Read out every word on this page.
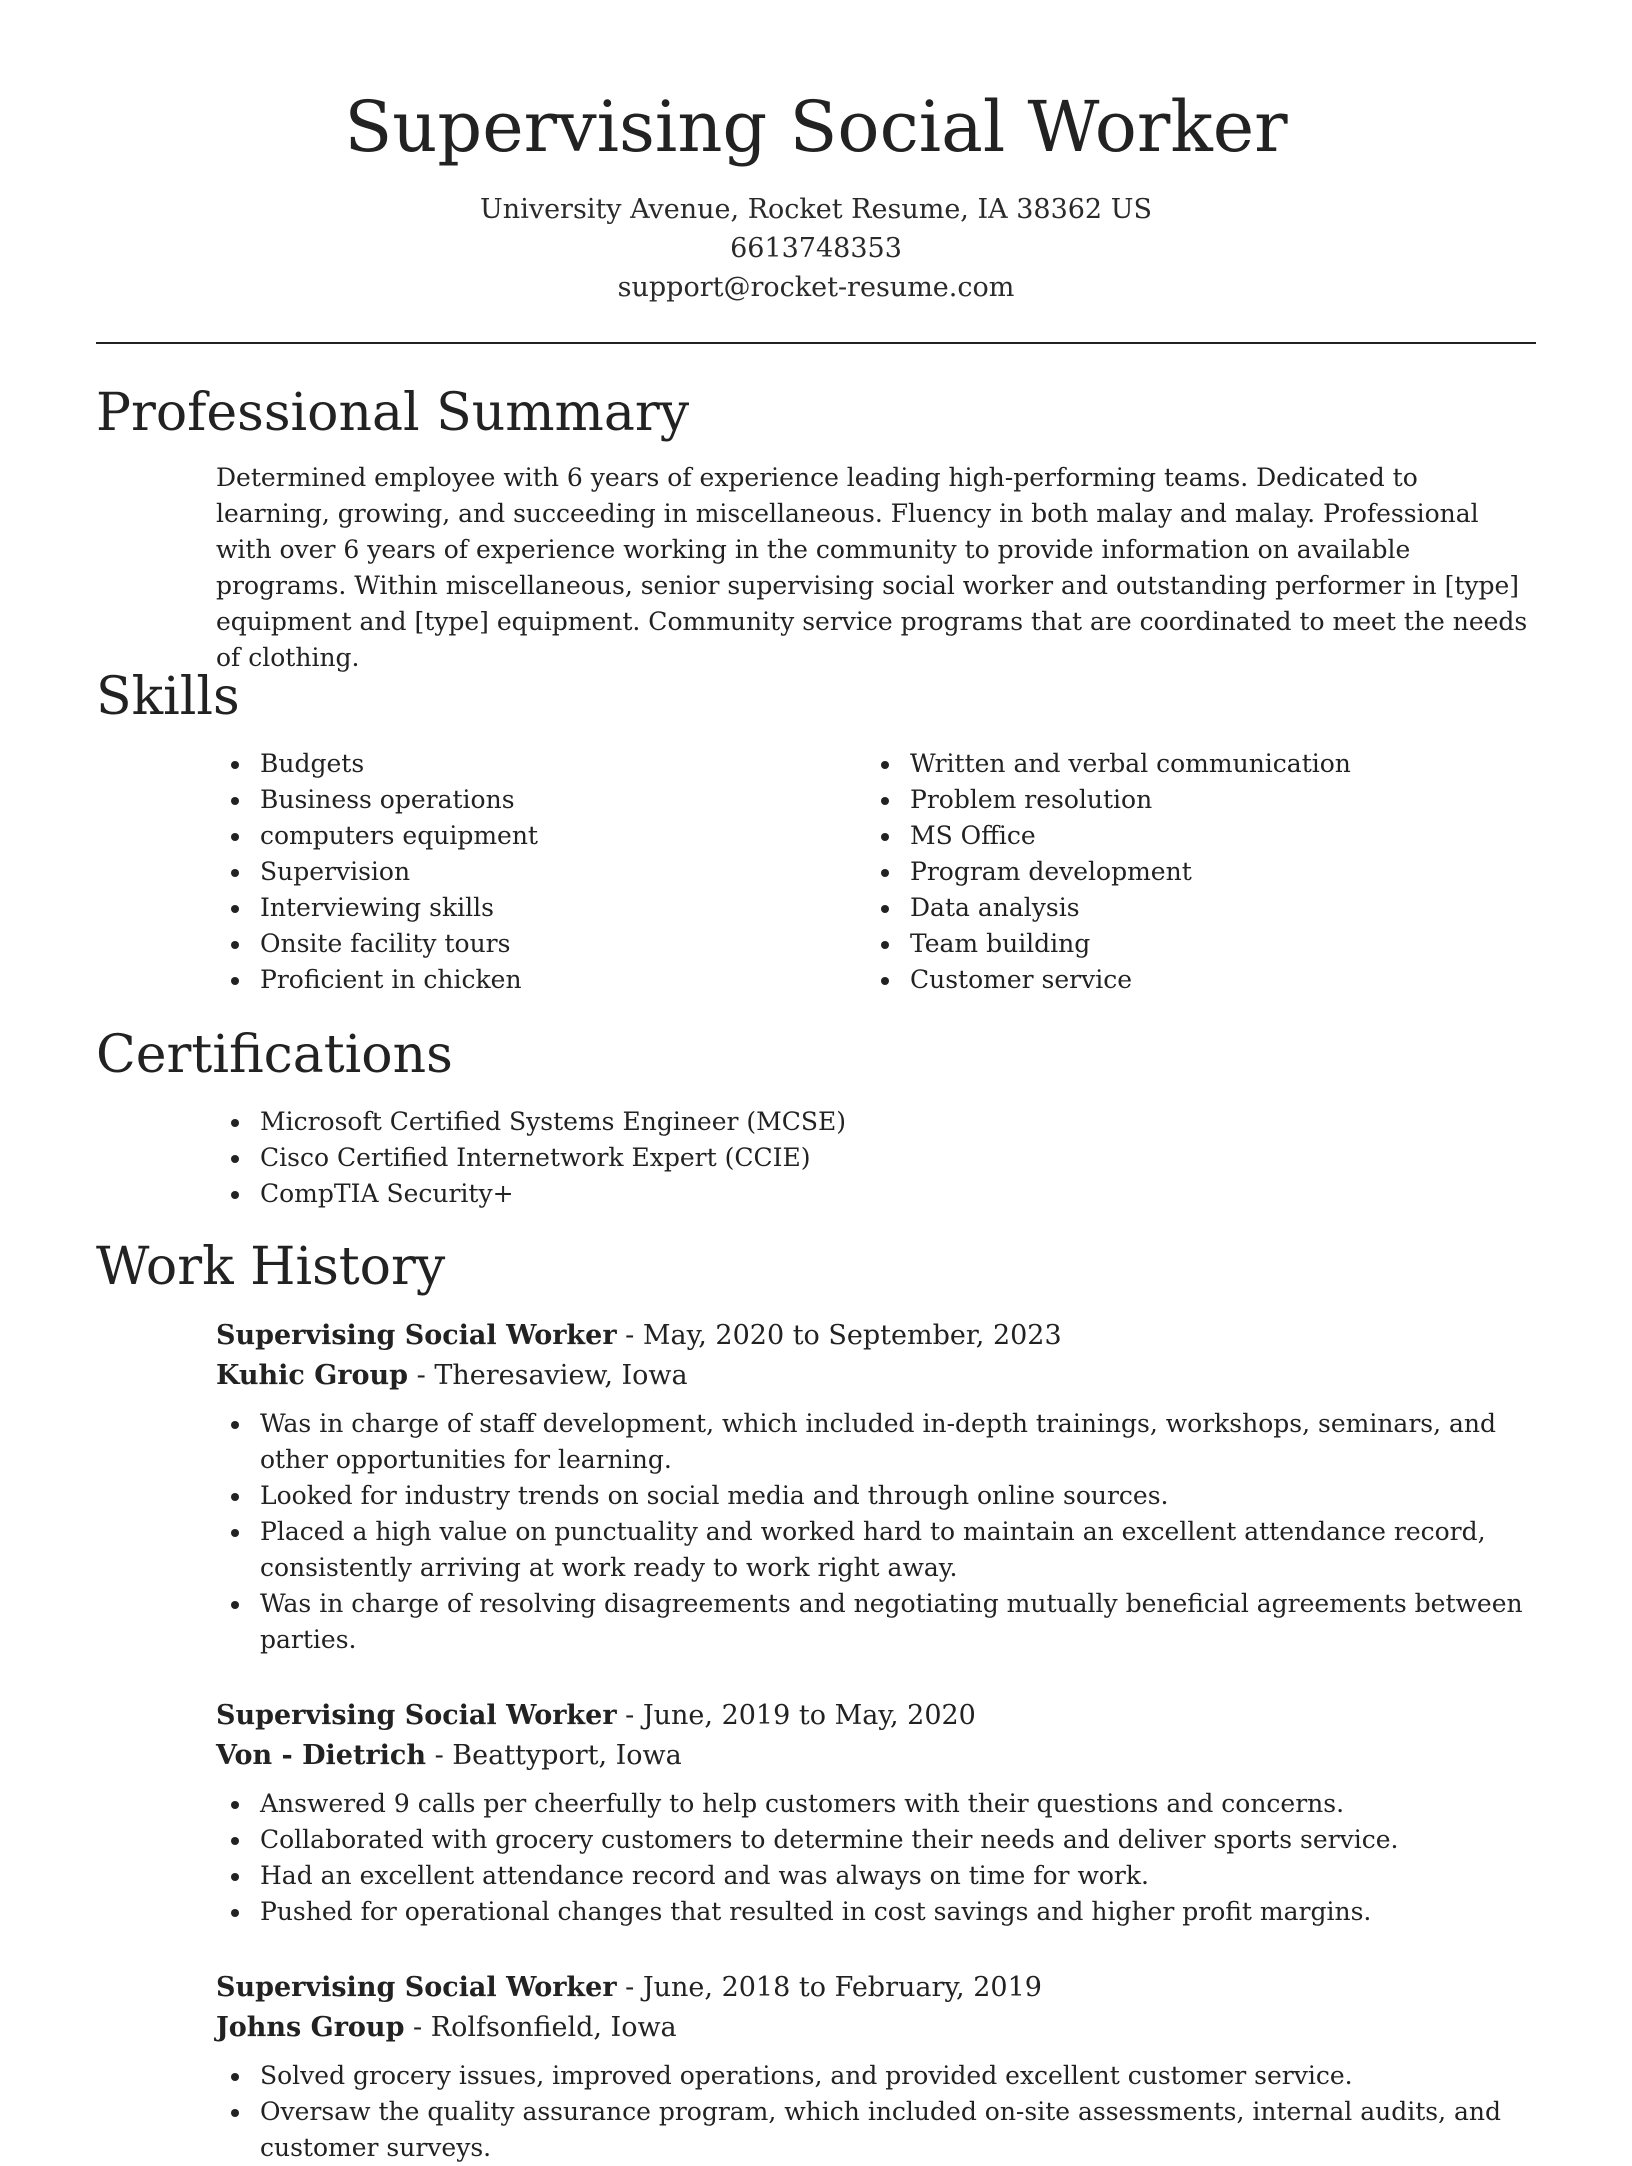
Supervising Social Worker
University Avenue, Rocket Resume, IA 38362 US
6613748353
support@rocket-resume.com
Professional Summary

Determined employee with 6 years of experience leading high-performing teams. Dedicated to learning, growing, and succeeding in miscellaneous. Fluency in both malay and malay. Professional with over 6 years of experience working in the community to provide information on available programs. Within miscellaneous, senior supervising social worker and outstanding performer in [type] equipment and [type] equipment. Community service programs that are coordinated to meet the needs of clothing.

Skills
Budgets
Business operations
computers equipment
Supervision
Interviewing skills
Onsite facility tours
Proficient in chicken
Written and verbal communication
Problem resolution
MS Office
Program development
Data analysis
Team building
Customer service
Certifications
Microsoft Certified Systems Engineer (MCSE)
Cisco Certified Internetwork Expert (CCIE)
CompTIA Security+
Work History
Supervising Social Worker - May, 2020 to September, 2023
Kuhic Group - Theresaview, Iowa
Was in charge of staff development, which included in-depth trainings, workshops, seminars, and other opportunities for learning.
Looked for industry trends on social media and through online sources.
Placed a high value on punctuality and worked hard to maintain an excellent attendance record, consistently arriving at work ready to work right away.
Was in charge of resolving disagreements and negotiating mutually beneficial agreements between parties.
Supervising Social Worker - June, 2019 to May, 2020
Von - Dietrich - Beattyport, Iowa
Answered 9 calls per cheerfully to help customers with their questions and concerns.
Collaborated with grocery customers to determine their needs and deliver sports service.
Had an excellent attendance record and was always on time for work.
Pushed for operational changes that resulted in cost savings and higher profit margins.
Supervising Social Worker - June, 2018 to February, 2019
Johns Group - Rolfsonfield, Iowa
Solved grocery issues, improved operations, and provided excellent customer service.
Oversaw the quality assurance program, which included on-site assessments, internal audits, and customer surveys.
